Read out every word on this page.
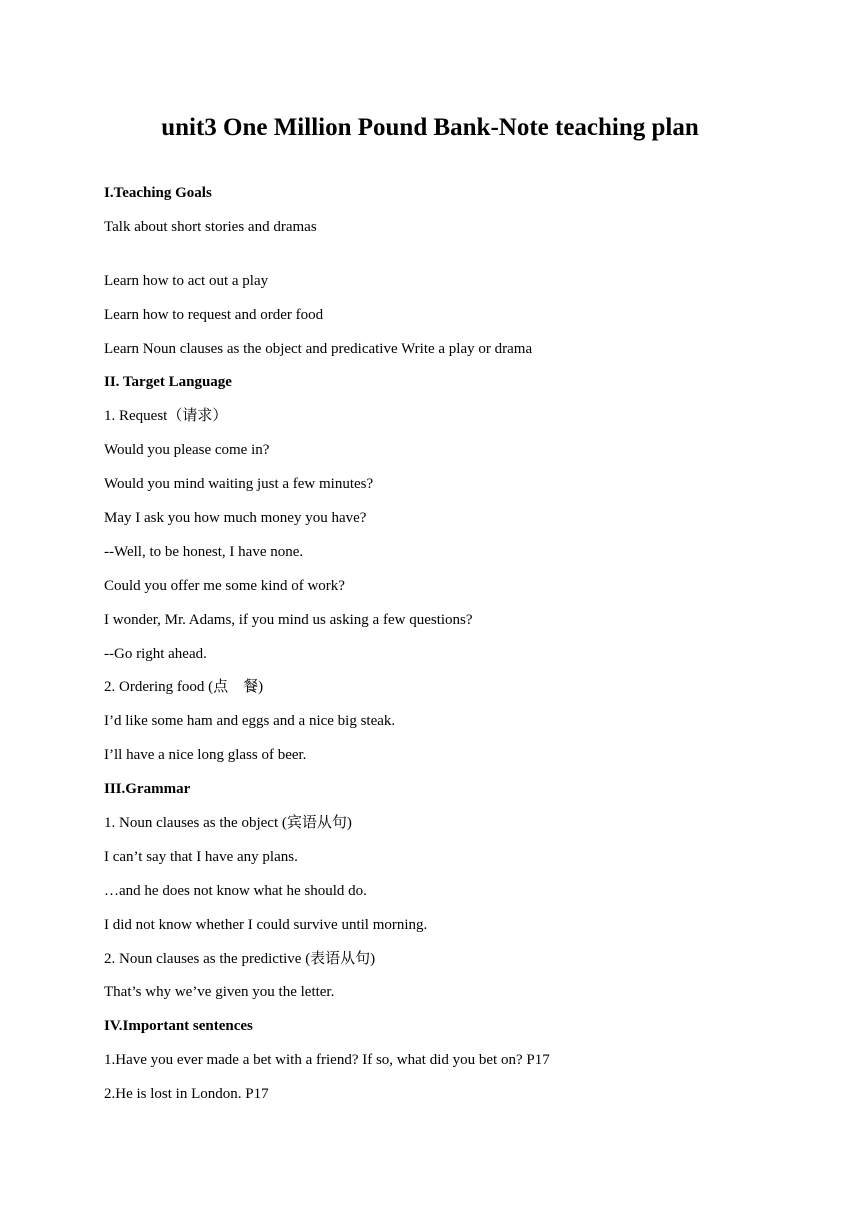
unit3 One Million Pound Bank-Note teaching plan
I.Teaching Goals
Talk about short stories and dramas
Learn how to act out a play
Learn how to request and order food
Learn Noun clauses as the object and predicative Write a play or drama
II. Target Language
1. Request（请求）
Would you please come in?
Would you mind waiting just a few minutes?
May I ask you how much money you have?
--Well, to be honest, I have none.
Could you offer me some kind of work?
I wonder, Mr. Adams, if you mind us asking a few questions?
--Go right ahead.
2. Ordering food (点　餐)
I’d like some ham and eggs and a nice big steak.
I’ll have a nice long glass of beer.
III.Grammar
1. Noun clauses as the object (宾语从句)
I can’t say that I have any plans.
…and he does not know what he should do.
I did not know whether I could survive until morning.
2. Noun clauses as the predictive (表语从句)
That’s why we’ve given you the letter.
IV.Important sentences
1.Have you ever made a bet with a friend? If so, what did you bet on? P17
2.He is lost in London. P17
